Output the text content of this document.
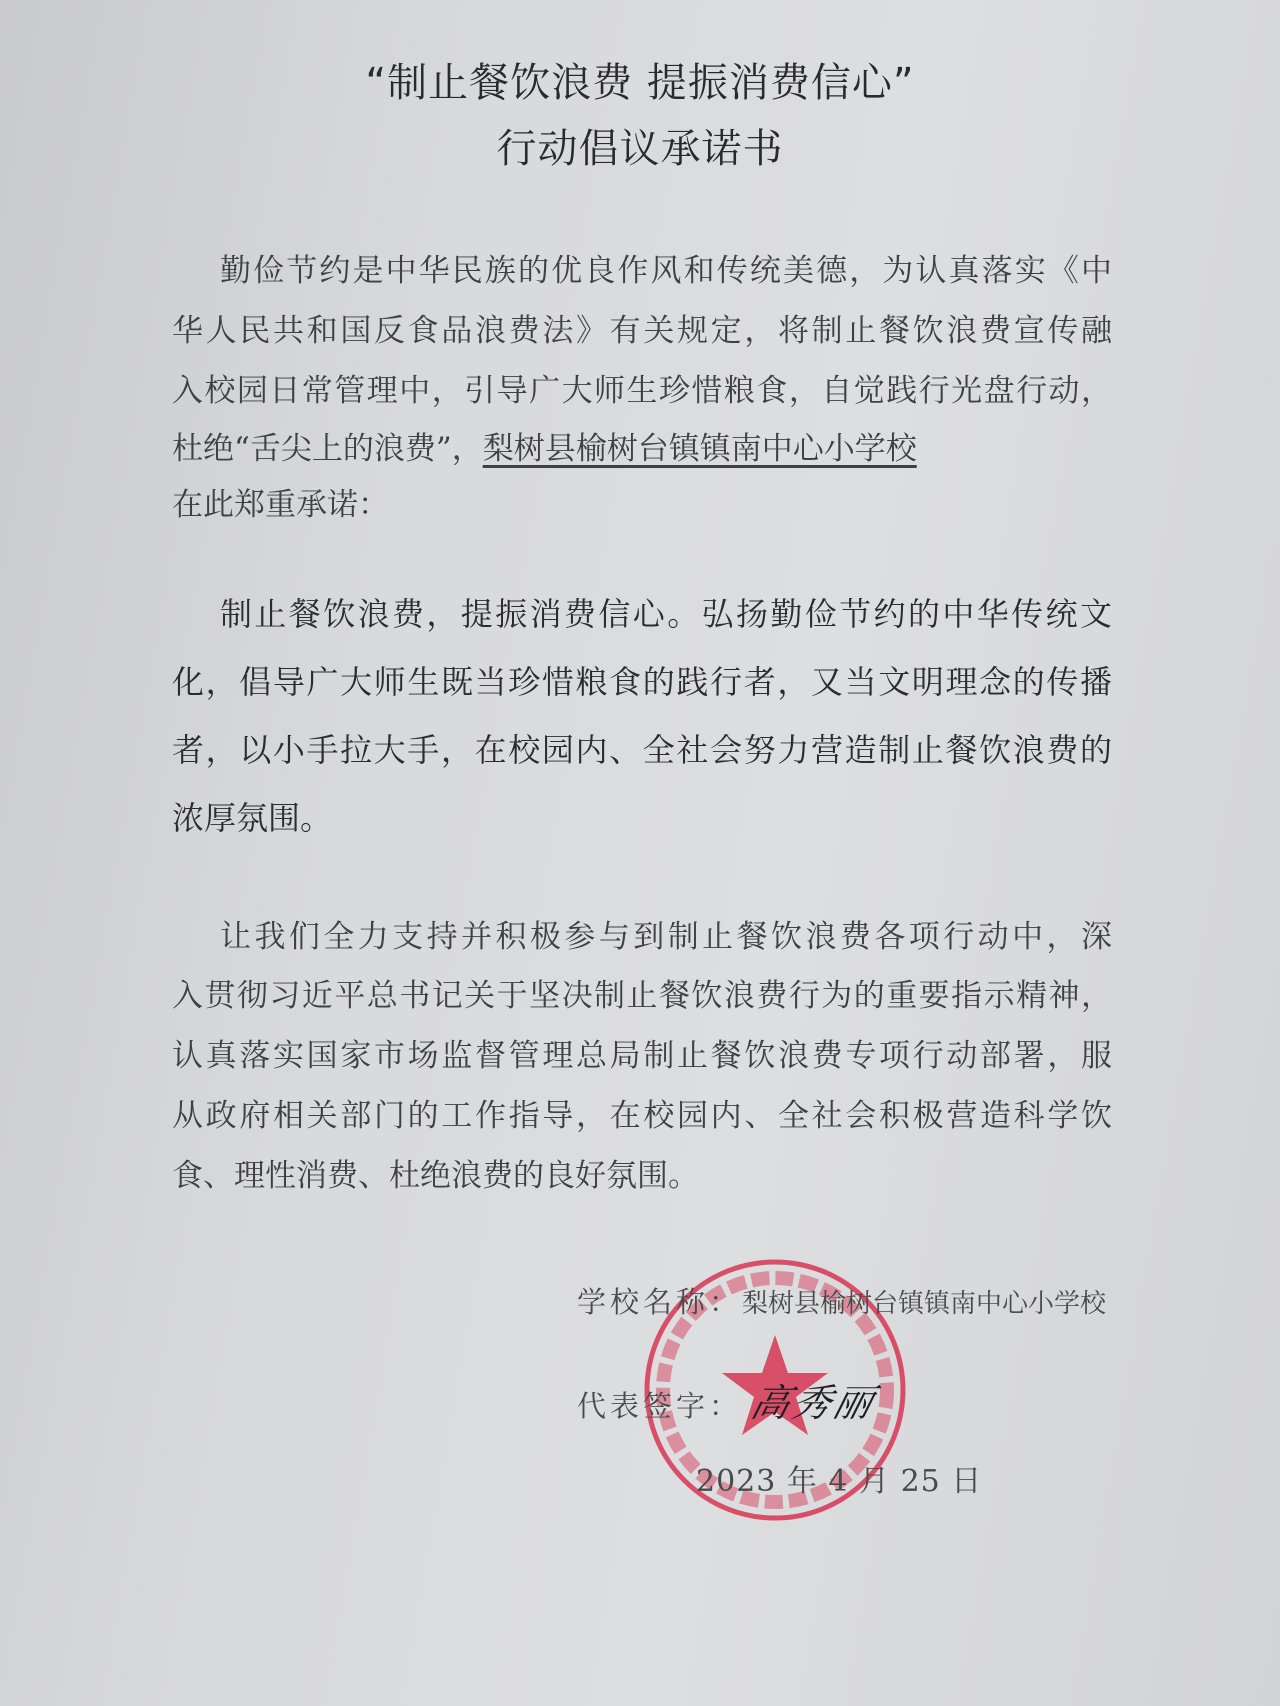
“制止餐饮浪费 提振消费信心”
行动倡议承诺书
勤俭节约是中华民族的优良作风和传统美德，为认真落实《中
华人民共和国反食品浪费法》有关规定，将制止餐饮浪费宣传融
入校园日常管理中，引导广大师生珍惜粮食，自觉践行光盘行动，
杜绝“舌尖上的浪费”，梨树县榆树台镇镇南中心小学校
在此郑重承诺：
制止餐饮浪费，提振消费信心。弘扬勤俭节约的中华传统文
化，倡导广大师生既当珍惜粮食的践行者，又当文明理念的传播
者，以小手拉大手，在校园内、全社会努力营造制止餐饮浪费的
浓厚氛围。
让我们全力支持并积极参与到制止餐饮浪费各项行动中，深
入贯彻习近平总书记关于坚决制止餐饮浪费行为的重要指示精神，
认真落实国家市场监督管理总局制止餐饮浪费专项行动部署，服
从政府相关部门的工作指导，在校园内、全社会积极营造科学饮
食、理性消费、杜绝浪费的良好氛围。
学校名称：梨树县榆树台镇镇南中心小学校
代表签字： 高秀丽
2023 年 4 月 25 日
